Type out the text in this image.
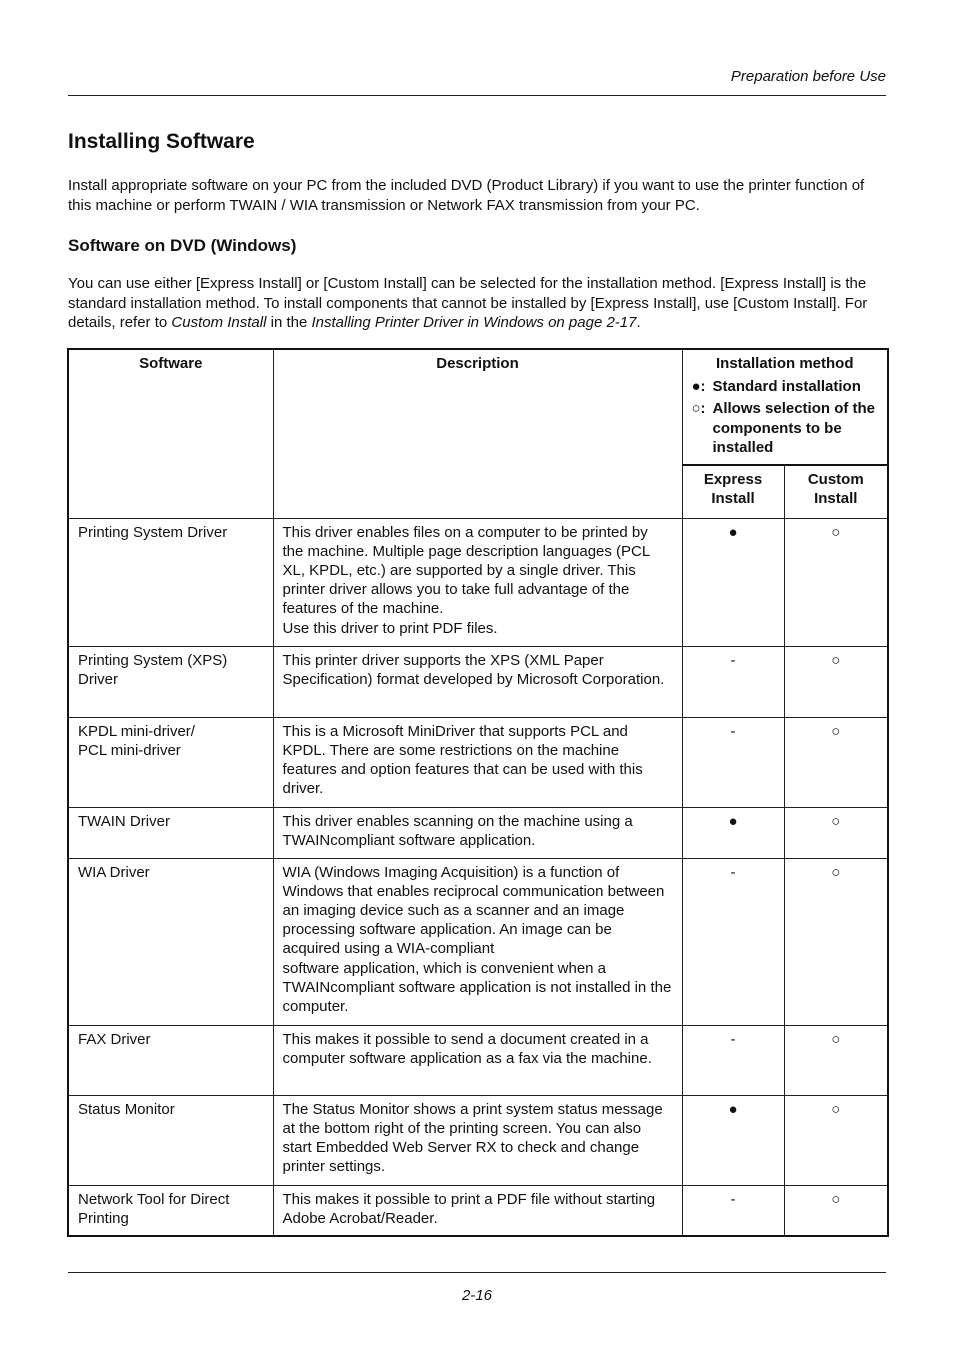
Preparation before Use
Installing Software

Install appropriate software on your PC from the included DVD (Product Library) if you want to use the printer function of this machine or perform TWAIN / WIA transmission or Network FAX transmission from your PC.

Software on DVD (Windows)

You can use either [Express Install] or [Custom Install] can be selected for the installation method. [Express Install] is the standard installation method. To install components that cannot be installed by [Express Install], use [Custom Install]. For details, refer to Custom Install in the Installing Printer Driver in Windows on page 2-17.

Software	Description	Installation method
●: Standard installation
○: Allows selection of the components to be installed	

		Express Install	Custom Install
Printing System Driver	This driver enables files on a computer to be printed by the machine. Multiple page description languages (PCL XL, KPDL, etc.) are supported by a single driver. This printer driver allows you to take full advantage of the features of the machine.
Use this driver to print PDF files.	●	○
Printing System (XPS) Driver	This printer driver supports the XPS (XML Paper Specification) format developed by Microsoft Corporation.	-	○
KPDL mini-driver/
PCL mini-driver	This is a Microsoft MiniDriver that supports PCL and KPDL. There are some restrictions on the machine features and option features that can be used with this driver.	-	○
TWAIN Driver	This driver enables scanning on the machine using a TWAINcompliant software application.	●	○
WIA Driver	WIA (Windows Imaging Acquisition) is a function of Windows that enables reciprocal communication between an imaging device such as a scanner and an image processing software application. An image can be acquired using a WIA-compliant
software application, which is convenient when a TWAINcompliant software application is not installed in the computer.	-	○
FAX Driver	This makes it possible to send a document created in a computer software application as a fax via the machine.	-	○
Status Monitor	The Status Monitor shows a print system status message at the bottom right of the printing screen. You can also start Embedded Web Server RX to check and change printer settings.	●	○
Network Tool for Direct Printing	This makes it possible to print a PDF file without starting Adobe Acrobat/Reader.	-	○
2-16
